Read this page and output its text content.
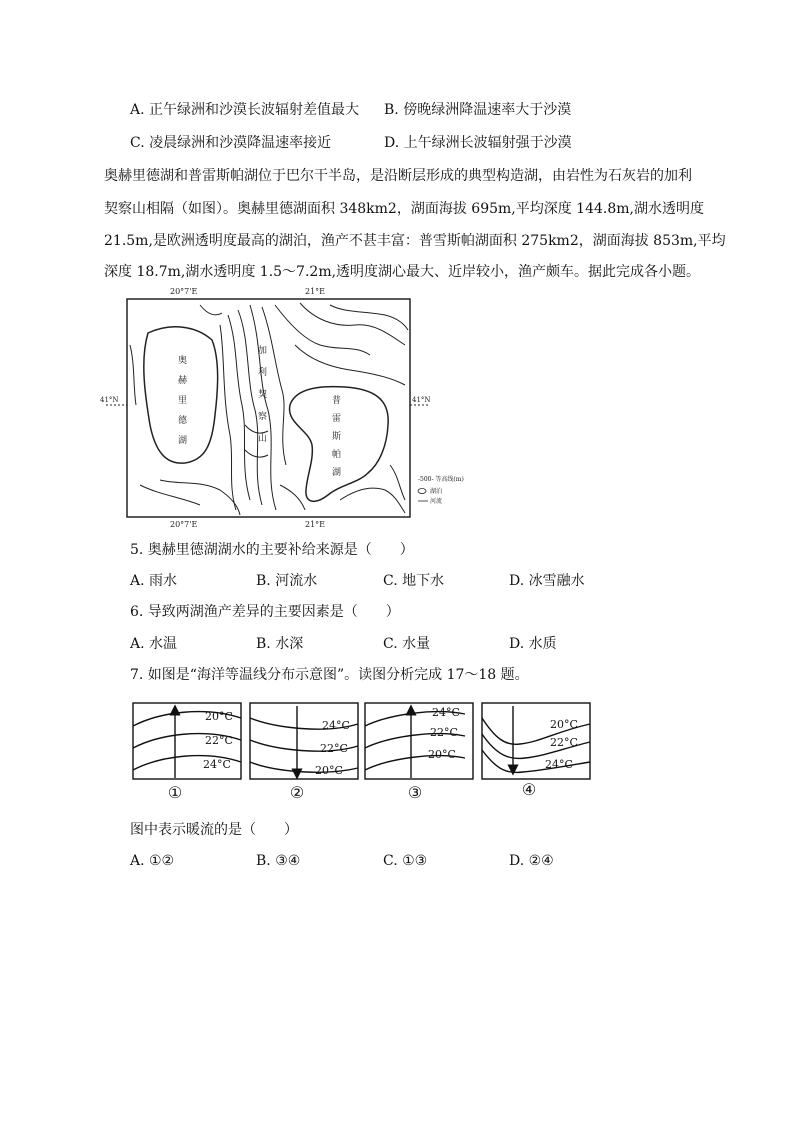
A. 正午绿洲和沙漠长波辐射差值最大 B. 傍晚绿洲降温速率大于沙漠
C. 凌晨绿洲和沙漠降温速率接近	D. 上午绿洲长波辐射强于沙漠
奥赫里德湖和普雷斯帕湖位于巴尔干半岛，是沿断层形成的典型构造湖，由岩性为石灰岩的加利
契察山相隔（如图）。奥赫里德湖面积 348km2，湖面海拔 695m,平均深度 144.8m,湖水透明度
21.5m,是欧洲透明度最高的湖泊，渔产不甚丰富：普雪斯帕湖面积 275km2，湖面海拔 853m,平均
深度 18.7m,湖水透明度 1.5～7.2m,透明度湖心最大、近岸较小，渔产颇车。据此完成各小题。
20°7'E	21°E
20°7'E	21°E
41°N	41°N
奥
赫
里
德
湖
普
雷
斯
帕
湖
加
利
契
察
山
-500- 等高线(m)
湖泊
河流
5. 奥赫里德湖湖水的主要补给来源是（　　）
A. 雨水	B. 河流水	C. 地下水	D. 冰雪融水
6. 导致两湖渔产差异的主要因素是（　　）
A. 水温	B. 水深	C. 水量	D. 水质
7. 如图是“海洋等温线分布示意图”。读图分析完成 17～18 题。
20°C
22°C
24°C
24°C
22°C
20°C
24°C
22°C
20°C
20°C
22°C
24°C
①	②	③	④
图中表示暖流的是（　　）
A. ①②	B. ③④	C. ①③	D. ②④
